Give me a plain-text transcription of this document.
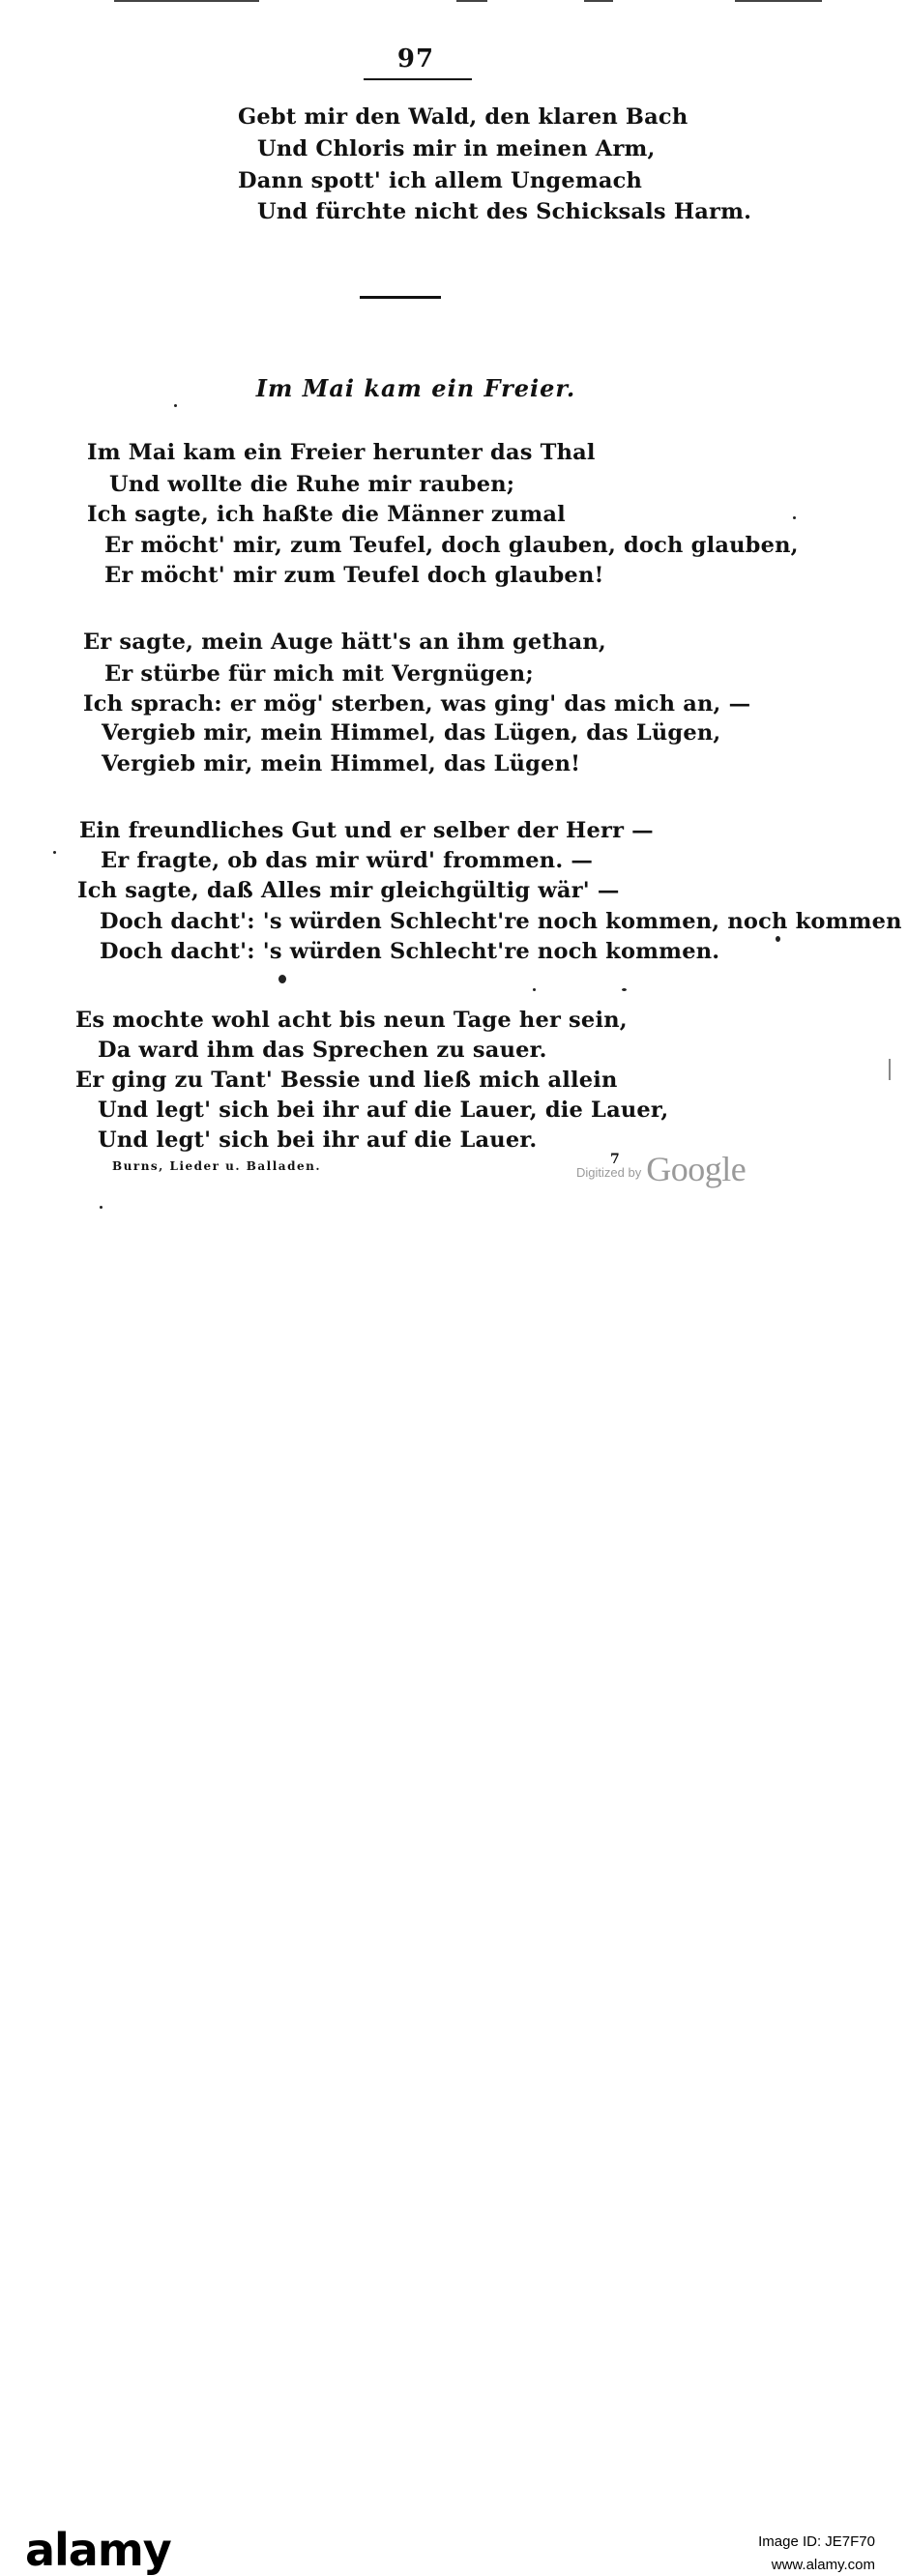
97
Gebt mir den Wald, den klaren Bach
Und Chloris mir in meinen Arm,
Dann spott' ich allem Ungemach
Und fürchte nicht des Schicksals Harm.
Im Mai kam ein Freier.
Im Mai kam ein Freier herunter das Thal
Und wollte die Ruhe mir rauben;
Ich sagte, ich haßte die Männer zumal
Er möcht' mir, zum Teufel, doch glauben, doch glauben,
Er möcht' mir zum Teufel doch glauben!
Er sagte, mein Auge hätt's an ihm gethan,
Er stürbe für mich mit Vergnügen;
Ich sprach: er mög' sterben, was ging' das mich an, —
Vergieb mir, mein Himmel, das Lügen, das Lügen,
Vergieb mir, mein Himmel, das Lügen!
Ein freundliches Gut und er selber der Herr —
Er fragte, ob das mir würd' frommen. —
Ich sagte, daß Alles mir gleichgültig wär' —
Doch dacht': 's würden Schlecht're noch kommen, noch kommen
Doch dacht': 's würden Schlecht're noch kommen.
Es mochte wohl acht bis neun Tage her sein,
Da ward ihm das Sprechen zu sauer.
Er ging zu Tant' Bessie und ließ mich allein
Und legt' sich bei ihr auf die Lauer, die Lauer,
Und legt' sich bei ihr auf die Lauer.
Burns, Lieder u. Balladen.	7
$^{Digitized by}$ Google
alamy	Image ID: JE7F70
www.alamy.com
